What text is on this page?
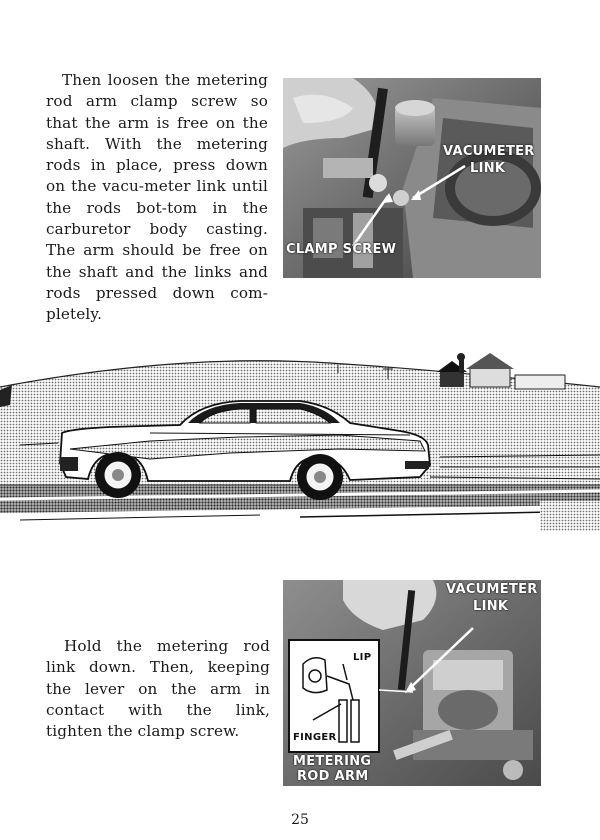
Then loosen the metering rod arm clamp screw so that the arm is free on the shaft. With the metering rods in place, press down on the vacu-meter link until the rods bot-tom in the carburetor body casting. The arm should be free on the shaft and the links and rods pressed down com-pletely.

VACUMETER

LINK

CLAMP SCREW

Hold the metering rod link down. Then, keeping the lever on the arm in contact with the link, tighten the clamp screw.

VACUMETER

LINK

LIP

FINGER

METERING

ROD ARM

25
